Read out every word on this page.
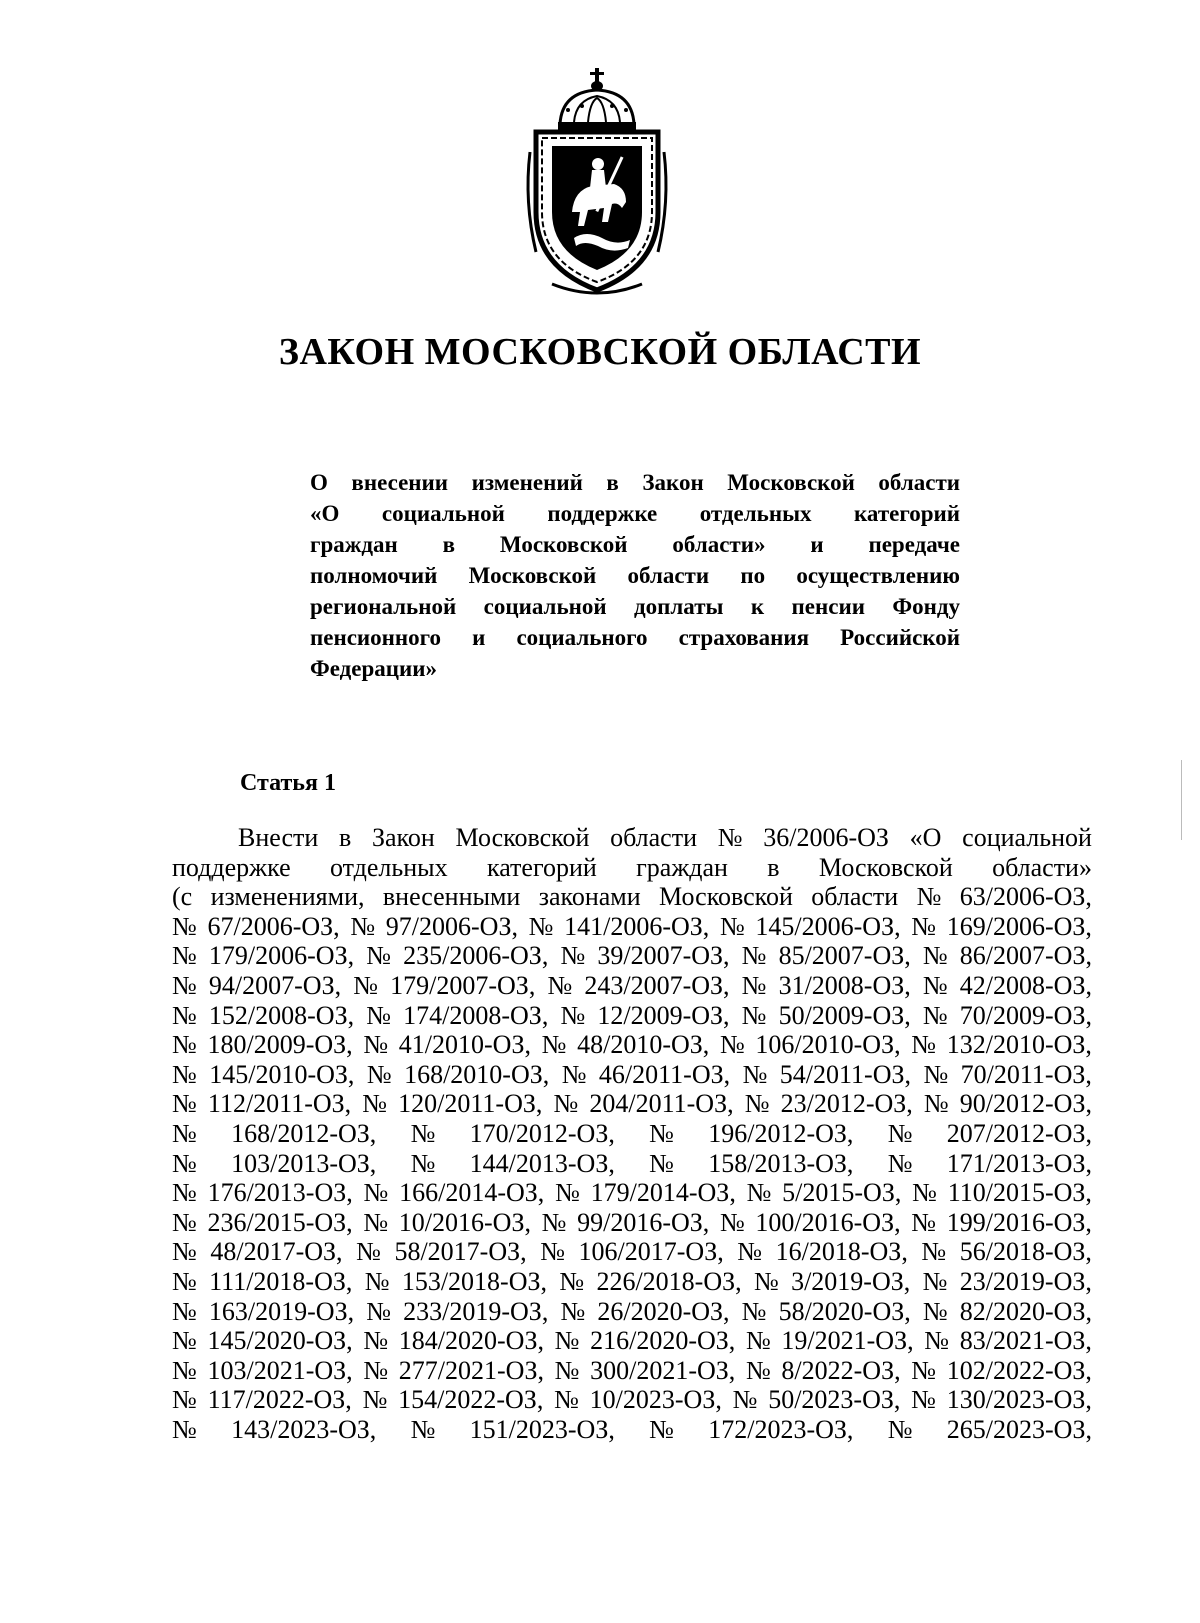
ЗАКОН МОСКОВСКОЙ ОБЛАСТИ
О внесении изменений в Закон Московской области
«О социальной поддержке отдельных категорий
граждан в Московской области» и передаче
полномочий Московской области по осуществлению
региональной социальной доплаты к пенсии Фонду
пенсионного и социального страхования Российской
Федерации»
Статья 1
Внести в Закон Московской области № 36/2006-ОЗ «О социальной
поддержке отдельных категорий граждан в Московской области»
(с изменениями, внесенными законами Московской области № 63/2006-ОЗ,
№ 67/2006-ОЗ, № 97/2006-ОЗ, № 141/2006-ОЗ, № 145/2006-ОЗ, № 169/2006-ОЗ,
№ 179/2006-ОЗ, № 235/2006-ОЗ, № 39/2007-ОЗ, № 85/2007-ОЗ, № 86/2007-ОЗ,
№ 94/2007-ОЗ, № 179/2007-ОЗ, № 243/2007-ОЗ, № 31/2008-ОЗ, № 42/2008-ОЗ,
№ 152/2008-ОЗ, № 174/2008-ОЗ, № 12/2009-ОЗ, № 50/2009-ОЗ, № 70/2009-ОЗ,
№ 180/2009-ОЗ, № 41/2010-ОЗ, № 48/2010-ОЗ, № 106/2010-ОЗ, № 132/2010-ОЗ,
№ 145/2010-ОЗ, № 168/2010-ОЗ, № 46/2011-ОЗ, № 54/2011-ОЗ, № 70/2011-ОЗ,
№ 112/2011-ОЗ, № 120/2011-ОЗ, № 204/2011-ОЗ, № 23/2012-ОЗ, № 90/2012-ОЗ,
№ 168/2012-ОЗ, № 170/2012-ОЗ, № 196/2012-ОЗ, № 207/2012-ОЗ,
№ 103/2013-ОЗ, № 144/2013-ОЗ, № 158/2013-ОЗ, № 171/2013-ОЗ,
№ 176/2013-ОЗ, № 166/2014-ОЗ, № 179/2014-ОЗ, № 5/2015-ОЗ, № 110/2015-ОЗ,
№ 236/2015-ОЗ, № 10/2016-ОЗ, № 99/2016-ОЗ, № 100/2016-ОЗ, № 199/2016-ОЗ,
№ 48/2017-ОЗ, № 58/2017-ОЗ, № 106/2017-ОЗ, № 16/2018-ОЗ, № 56/2018-ОЗ,
№ 111/2018-ОЗ, № 153/2018-ОЗ, № 226/2018-ОЗ, № 3/2019-ОЗ, № 23/2019-ОЗ,
№ 163/2019-ОЗ, № 233/2019-ОЗ, № 26/2020-ОЗ, № 58/2020-ОЗ, № 82/2020-ОЗ,
№ 145/2020-ОЗ, № 184/2020-ОЗ, № 216/2020-ОЗ, № 19/2021-ОЗ, № 83/2021-ОЗ,
№ 103/2021-ОЗ, № 277/2021-ОЗ, № 300/2021-ОЗ, № 8/2022-ОЗ, № 102/2022-ОЗ,
№ 117/2022-ОЗ, № 154/2022-ОЗ, № 10/2023-ОЗ, № 50/2023-ОЗ, № 130/2023-ОЗ,
№ 143/2023-ОЗ, № 151/2023-ОЗ, № 172/2023-ОЗ, № 265/2023-ОЗ,
